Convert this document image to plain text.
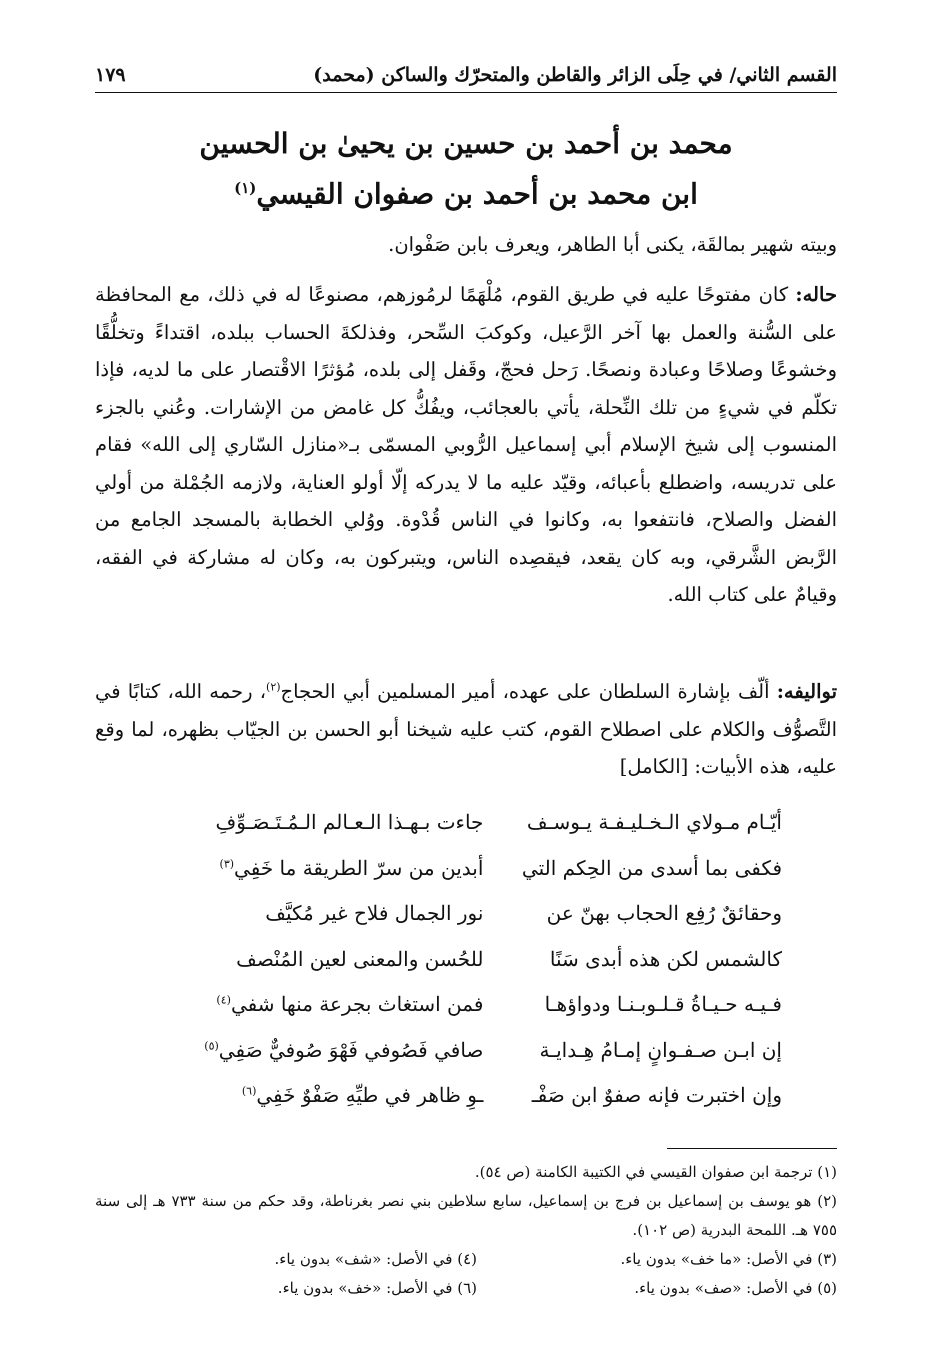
١٧٩	القسم الثاني/ في حِلَى الزائر والقاطن والمتحرّك والساكن (محمد)
محمد بن أحمد بن حسين بن يحيىٰ بن الحسين
ابن محمد بن أحمد بن صفوان القيسي$^{(١)}$
وبيته شهير بمالقَة، يكنى أبا الطاهر، ويعرف بابن صَفْوان.
حاله: كان مفتوحًا عليه في طريق القوم، مُلْهَمًا لرمُوزهم، مصنوعًا له في ذلك، مع المحافظة على السُّنة والعمل بها آخر الرَّعيل، وكوكبَ السِّحر، وفذلكةَ الحساب ببلده، اقتداءً وتخلُّقًا وخشوعًا وصلاحًا وعبادة ونصحًا. رَحل فحجّ، وقَفل إلى بلده، مُؤثرًا الاقْتصار على ما لديه، فإذا تكلّم في شيءٍ من تلك النِّحلة، يأتي بالعجائب، ويفُكُّ كل غامض من الإشارات. وعُني بالجزء المنسوب إلى شيخ الإسلام أبي إسماعيل الرُّوبي المسمّى بـ«منازل السّاري إلى الله» فقام على تدريسه، واضطلع بأعبائه، وقيّد عليه ما لا يدركه إلّا أولو العناية، ولازمه الجُمْلة من أولي الفضل والصلاح، فانتفعوا به، وكانوا في الناس قُدْوة. ووُلي الخطابة بالمسجد الجامع من الرَّبض الشَّرقي، وبه كان يقعد، فيقصِده الناس، ويتبركون به، وكان له مشاركة في الفقه، وقيامٌ على كتاب الله.
تواليفه: ألّف بإشارة السلطان على عهده، أمير المسلمين أبي الحجاج$^{(٢)}$، رحمه الله، كتابًا في التَّصوُّف والكلام على اصطلاح القوم، كتب عليه شيخنا أبو الحسن بن الجيّاب بظهره، لما وقع عليه، هذه الأبيات: [الكامل]
أيّـام مـولاي الـخـليـفـة يـوسـف
جاءت بـهـذا الـعـالم الـمُـتَـصَـوِّفِ
فكفى بما أسدى من الحِكم التي
أبدين من سرّ الطريقة ما خَفِي$^{(٣)}$
وحقائقٌ رُفِع الحجاب بهنّ عن
نور الجمال فلاح غير مُكيَّف
كالشمس لكن هذه أبدى سَنًا
للحُسن والمعنى لعين المُنْصف
فـيـه حـيـاةُ قـلـوبـنـا ودواؤهـا
فمن استغاث بجرعة منها شفي$^{(٤)}$
إن ابـن صـفـوانٍ إمـامُ هِـدايـة
صافي فَصُوفي فَهْوَ صُوفيٌّ صَفِي$^{(٥)}$
وإن اختبرت فإنه صفوٌ ابن صَفْـ
ـوِ ظاهر في طيِّهِ صَفْوٌ خَفِي$^{(٦)}$
(١) ترجمة ابن صفوان القيسي في الكتيبة الكامنة (ص ٥٤).
(٢) هو يوسف بن إسماعيل بن فرج بن إسماعيل، سابع سلاطين بني نصر بغرناطة، وقد حكم من سنة ٧٣٣ هـ إلى سنة ٧٥٥ هـ. اللمحة البدرية (ص ١٠٢).
(٣) في الأصل: «ما خف» بدون ياء.
(٤) في الأصل: «شف» بدون ياء.
(٥) في الأصل: «صف» بدون ياء.
(٦) في الأصل: «خف» بدون ياء.
